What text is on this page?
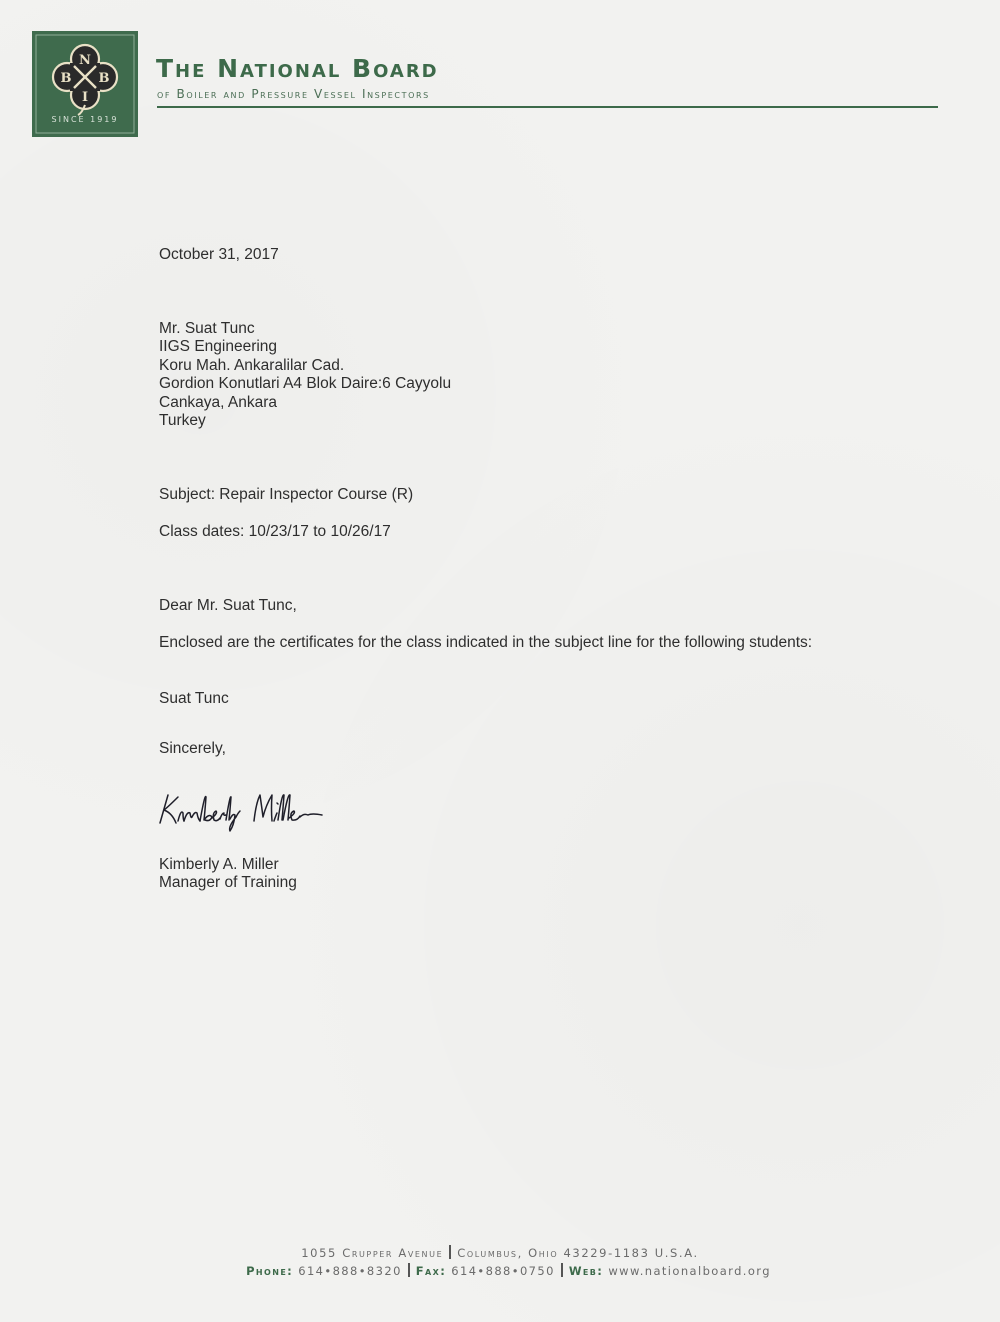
N
B B
I
SINCE 1919
The National Board
of Boiler and Pressure Vessel Inspectors
October 31, 2017
Mr. Suat Tunc
IIGS Engineering
Koru Mah. Ankaralilar Cad.
Gordion Konutlari A4 Blok Daire:6 Cayyolu
Cankaya, Ankara
Turkey
Subject: Repair Inspector Course (R)
Class dates: 10/23/17 to 10/26/17
Dear Mr. Suat Tunc,
Enclosed are the certificates for the class indicated in the subject line for the following students:
Suat Tunc
Sincerely,
Kimberly A. Miller
Manager of Training
1055 Crupper Avenue Columbus, Ohio 43229-1183 U.S.A.
Phone: 614•888•8320 Fax: 614•888•0750 Web: www.nationalboard.org
